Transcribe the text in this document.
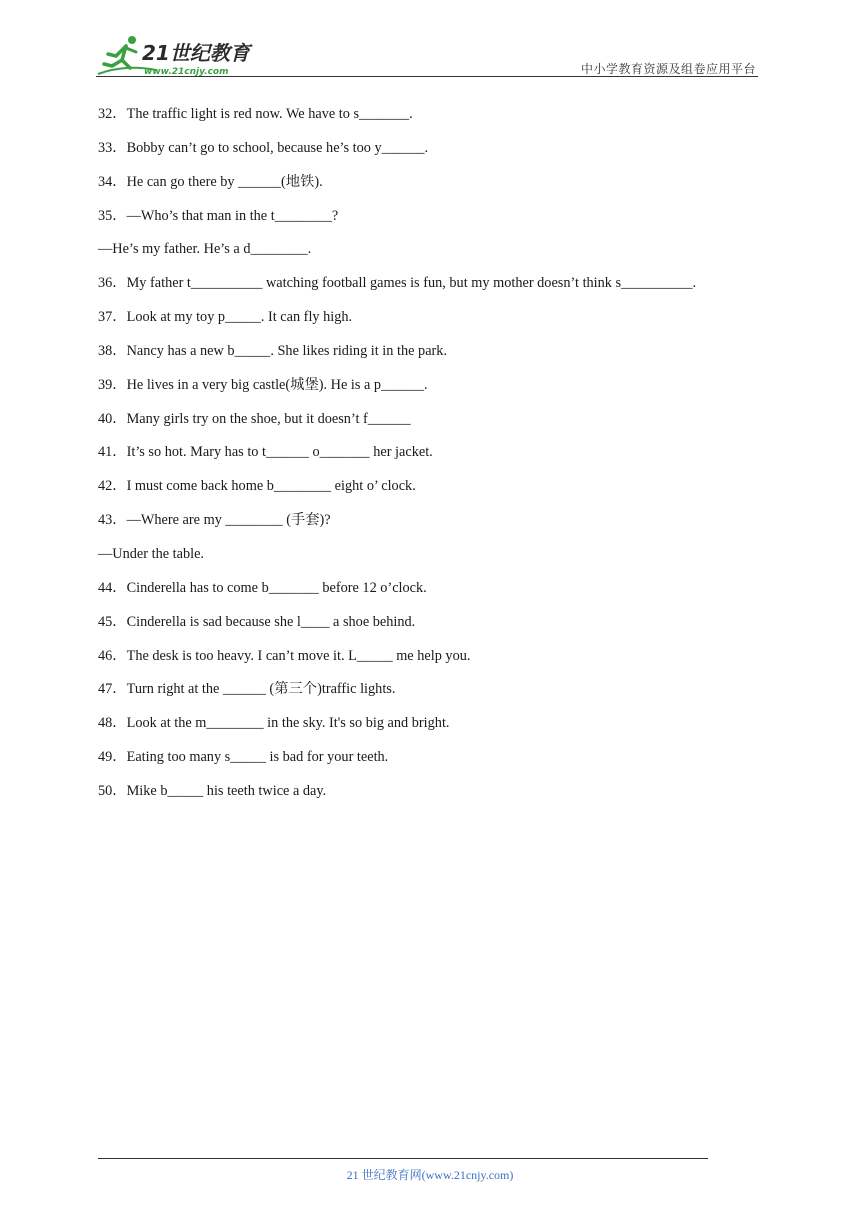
21世纪教育
www.21cnjy.com	中小学教育资源及组卷应用平台
32．The traffic light is red now. We have to s_______.
33．Bobby can’t go to school, because he’s too y______.
34．He can go there by ______(地铁).
35．—Who’s that man in the t________?
—He’s my father. He’s a d________.
36．My father t__________ watching football games is fun, but my mother doesn’t think s__________.
37．Look at my toy p_____. It can fly high.
38．Nancy has a new b_____. She likes riding it in the park.
39．He lives in a very big castle(城堡). He is a p______.
40．Many girls try on the shoe, but it doesn’t f______
41．It’s so hot. Mary has to t______ o_______ her jacket.
42．I must come back home b________ eight o’ clock.
43．—Where are my ________ (手套)?
—Under the table.
44．Cinderella has to come b_______ before 12 o’clock.
45．Cinderella is sad because she l____ a shoe behind.
46．The desk is too heavy. I can’t move it. L_____ me help you.
47．Turn right at the ______ (第三个)traffic lights.
48．Look at the m________ in the sky. It's so big and bright.
49．Eating too many s_____ is bad for your teeth.
50．Mike b_____ his teeth twice a day.
21 世纪教育网(www.21cnjy.com)
